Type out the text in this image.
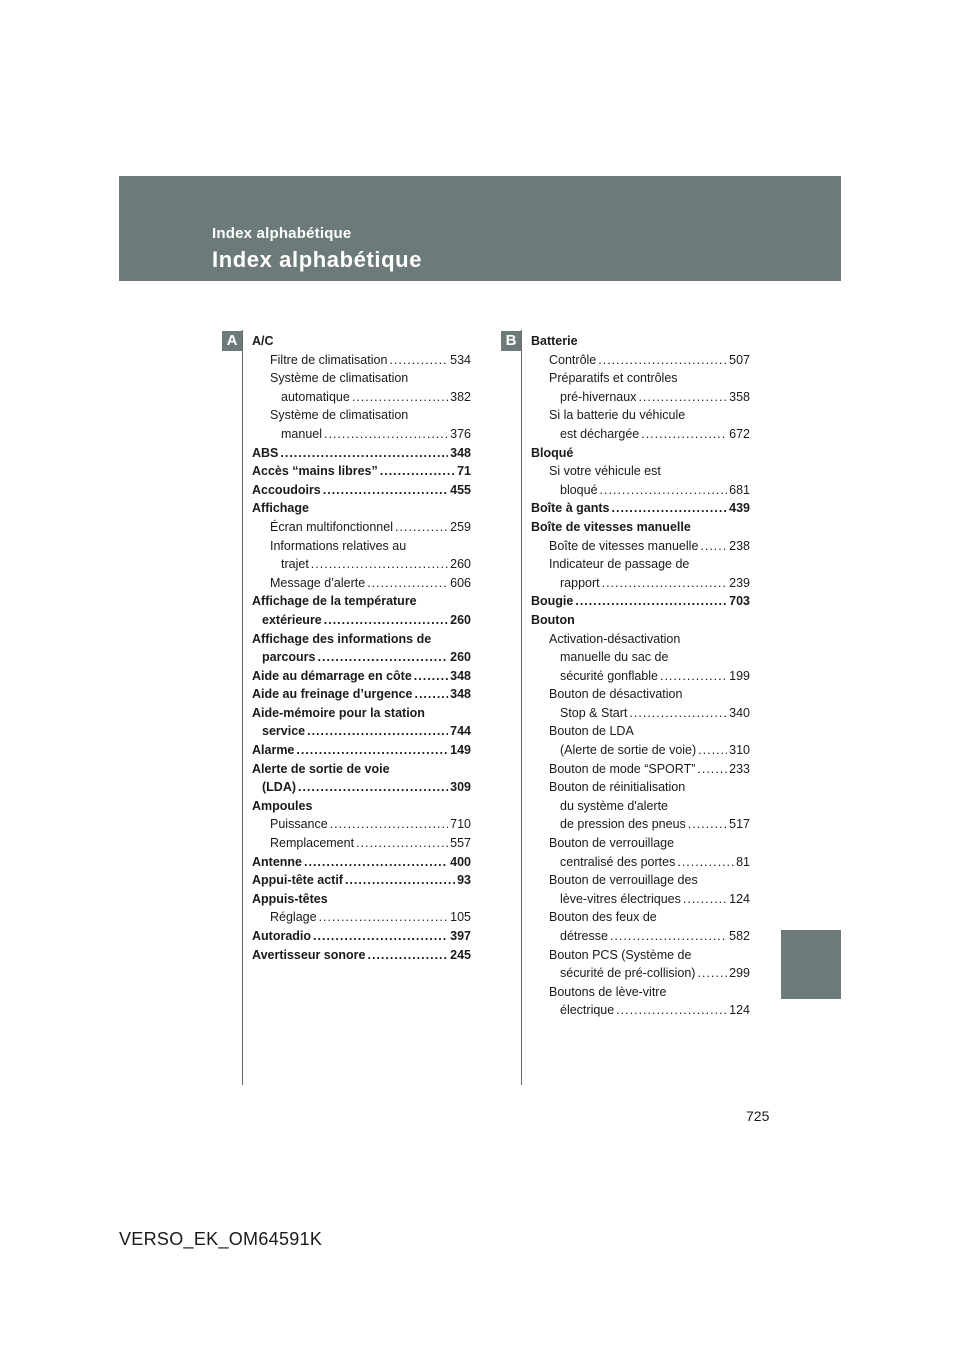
Index alphabétique
Index alphabétique
A	A/C
Filtre de climatisation .....	534
Système de climatisation
automatique .....	382
Système de climatisation
manuel .....	376
ABS .....	348
Accès “mains libres” .....	71
Accoudoirs .....	455
Affichage
Écran multifonctionnel .....	259
Informations relatives au
trajet .....	260
Message d’alerte .....	606
Affichage de la température
extérieure .....	260
Affichage des informations de
parcours .....	260
Aide au démarrage en côte .....	348
Aide au freinage d’urgence .....	348
Aide-mémoire pour la station
service .....	744
Alarme .....	149
Alerte de sortie de voie
(LDA) .....	309
Ampoules
Puissance .....	710
Remplacement .....	557
Antenne .....	400
Appui-tête actif .....	93
Appuis-têtes
Réglage .....	105
Autoradio .....	397
Avertisseur sonore .....	245
B	Batterie
Contrôle .....	507
Préparatifs et contrôles
pré-hivernaux .....	358
Si la batterie du véhicule
est déchargée .....	672
Bloqué
Si votre véhicule est
bloqué .....	681
Boîte à gants .....	439
Boîte de vitesses manuelle
Boîte de vitesses manuelle ..... 238
Indicateur de passage de
rapport .....	239
Bougie .....	703
Bouton
Activation-désactivation
manuelle du sac de
sécurité gonflable .....	199
Bouton de désactivation
Stop & Start .....	340
Bouton de LDA
(Alerte de sortie de voie) .....	310
Bouton de mode “SPORT” .....	233
Bouton de réinitialisation
du système d'alerte
de pression des pneus .....	517
Bouton de verrouillage
centralisé des portes .....	81
Bouton de verrouillage des
lève-vitres électriques .....	124
Bouton des feux de
détresse .....	582
Bouton PCS (Système de
sécurité de pré-collision) .....	299
Boutons de lève-vitre
électrique .....	124
725
VERSO_EK_OM64591K
